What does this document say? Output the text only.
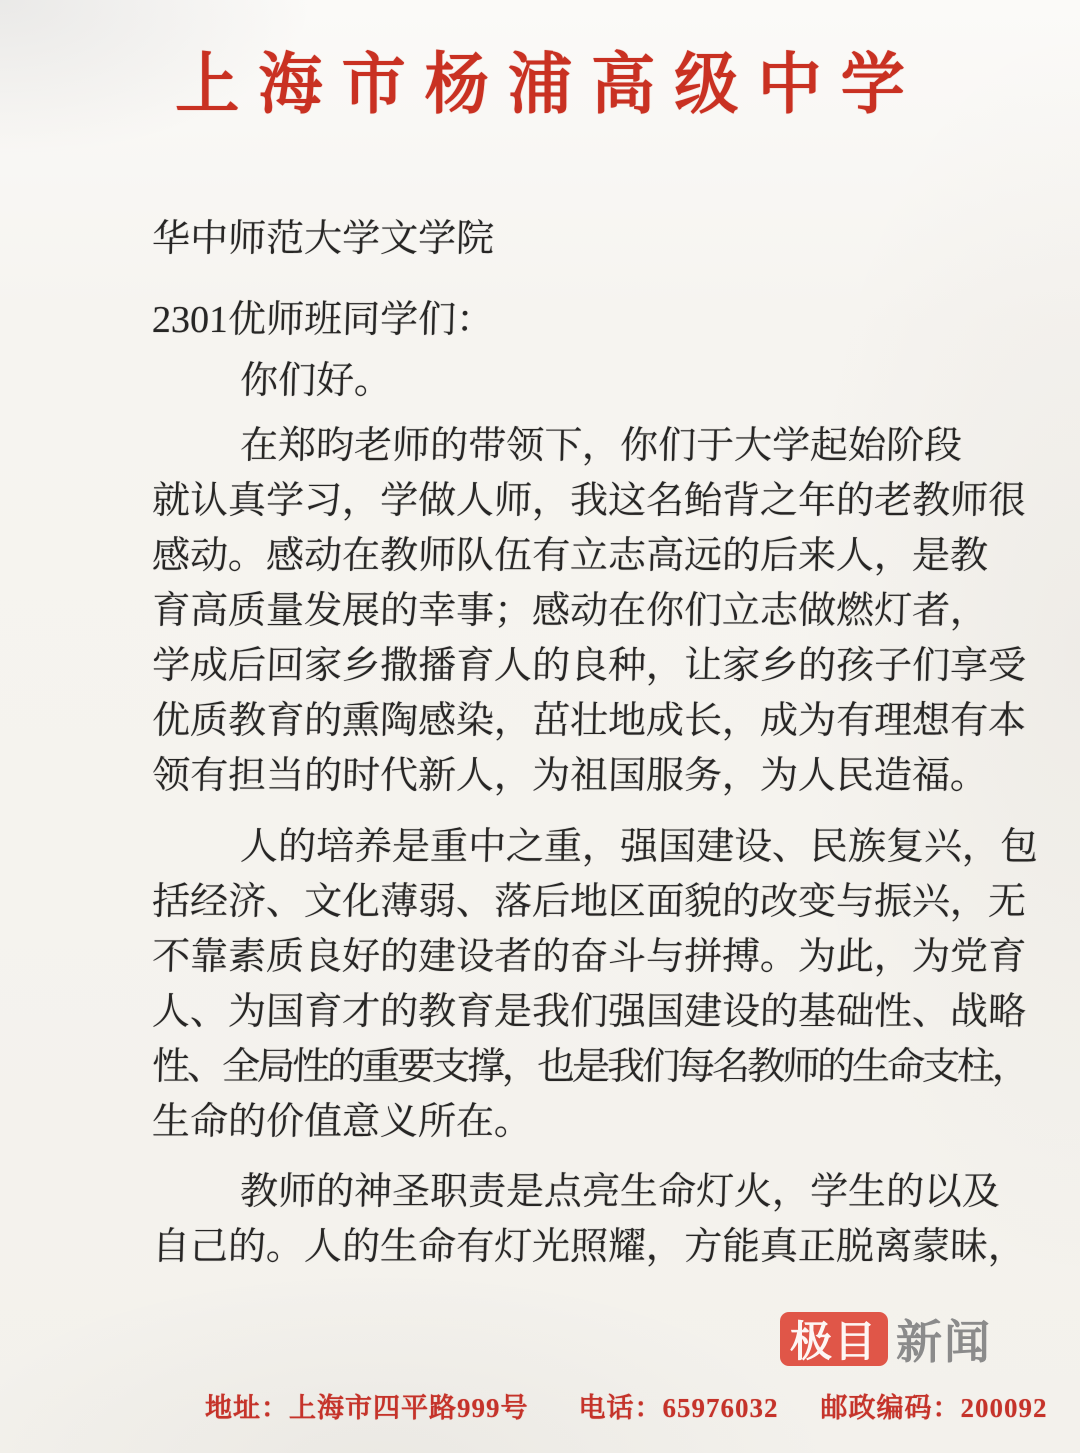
上海市杨浦高级中学
华中师范大学文学院
2301优师班同学们：
你们好。
在郑昀老师的带领下，你们于大学起始阶段
就认真学习，学做人师，我这名鲐背之年的老教师很
感动。感动在教师队伍有立志高远的后来人，是教
育高质量发展的幸事；感动在你们立志做燃灯者，
学成后回家乡撒播育人的良种，让家乡的孩子们享受
优质教育的熏陶感染，茁壮地成长，成为有理想有本
领有担当的时代新人，为祖国服务，为人民造福。
人的培养是重中之重，强国建设、民族复兴，包
括经济、文化薄弱、落后地区面貌的改变与振兴，无
不靠素质良好的建设者的奋斗与拼搏。为此，为党育
人、为国育才的教育是我们强国建设的基础性、战略
性、全局性的重要支撑，也是我们每名教师的生命支柱，
生命的价值意义所在。
教师的神圣职责是点亮生命灯火，学生的以及
自己的。人的生命有灯光照耀，方能真正脱离蒙昧，
极目 新闻
地址：上海市四平路999号 电话：65976032 邮政编码：200092
